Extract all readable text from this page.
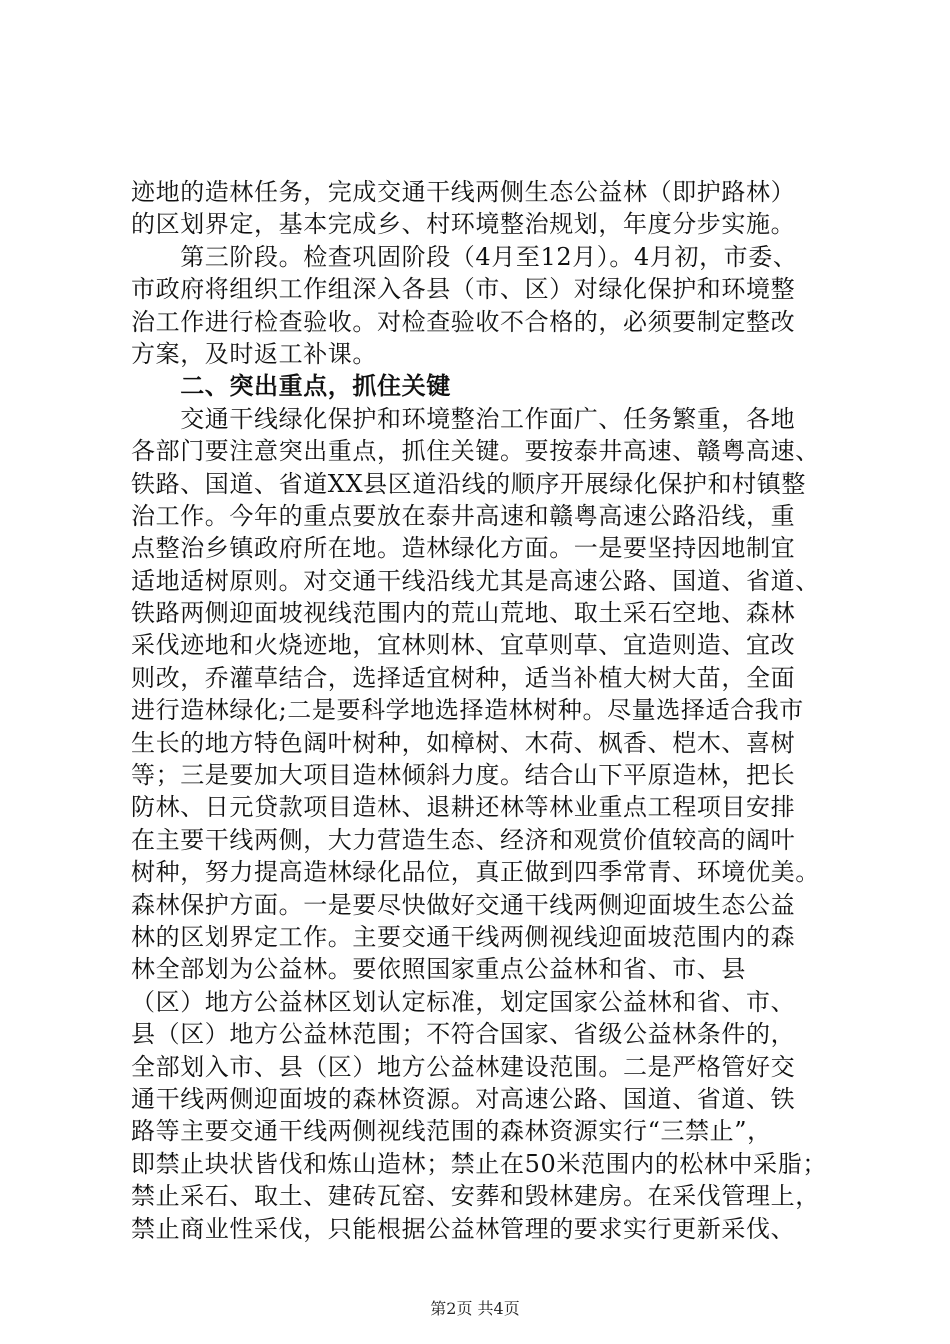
迹地的造林任务，完成交通干线两侧生态公益林（即护路林）
的区划界定，基本完成乡、村环境整治规划，年度分步实施。
　　第三阶段。检查巩固阶段（4月至12月）。4月初，市委、
市政府将组织工作组深入各县（市、区）对绿化保护和环境整
治工作进行检查验收。对检查验收不合格的，必须要制定整改
方案，及时返工补课。
　　二、突出重点，抓住关键
　　交通干线绿化保护和环境整治工作面广、任务繁重，各地
各部门要注意突出重点，抓住关键。要按泰井高速、赣粤高速、
铁路、国道、省道XX县区道沿线的顺序开展绿化保护和村镇整
治工作。今年的重点要放在泰井高速和赣粤高速公路沿线，重
点整治乡镇政府所在地。造林绿化方面。一是要坚持因地制宜
适地适树原则。对交通干线沿线尤其是高速公路、国道、省道、
铁路两侧迎面坡视线范围内的荒山荒地、取土采石空地、森林
采伐迹地和火烧迹地，宜林则林、宜草则草、宜造则造、宜改
则改，乔灌草结合，选择适宜树种，适当补植大树大苗，全面
进行造林绿化;二是要科学地选择造林树种。尽量选择适合我市
生长的地方特色阔叶树种，如樟树、木荷、枫香、桤木、喜树
等；三是要加大项目造林倾斜力度。结合山下平原造林，把长
防林、日元贷款项目造林、退耕还林等林业重点工程项目安排
在主要干线两侧，大力营造生态、经济和观赏价值较高的阔叶
树种，努力提高造林绿化品位，真正做到四季常青、环境优美。
森林保护方面。一是要尽快做好交通干线两侧迎面坡生态公益
林的区划界定工作。主要交通干线两侧视线迎面坡范围内的森
林全部划为公益林。要依照国家重点公益林和省、市、县
（区）地方公益林区划认定标准，划定国家公益林和省、市、
县（区）地方公益林范围；不符合国家、省级公益林条件的，
全部划入市、县（区）地方公益林建设范围。二是严格管好交
通干线两侧迎面坡的森林资源。对高速公路、国道、省道、铁
路等主要交通干线两侧视线范围的森林资源实行“三禁止”，
即禁止块状皆伐和炼山造林；禁止在50米范围内的松林中采脂；
禁止采石、取土、建砖瓦窑、安葬和毁林建房。在采伐管理上，
禁止商业性采伐，只能根据公益林管理的要求实行更新采伐、
第2页 共4页
